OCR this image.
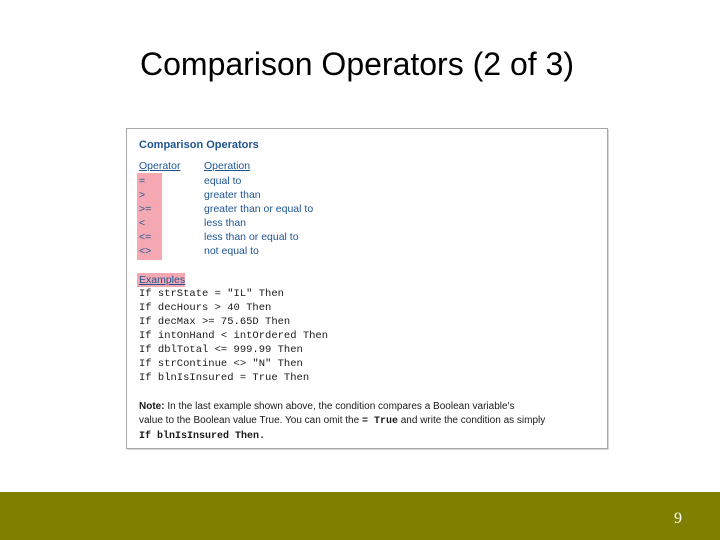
Comparison Operators (2 of 3)
Comparison Operators
Operator Operation
=	equal to
>	greater than
>=	greater than or equal to
<	less than
<=	less than or equal to
<>	not equal to
Examples
If strState = "IL" Then
If decHours > 40 Then
If decMax >= 75.65D Then
If intOnHand < intOrdered Then
If dblTotal <= 999.99 Then
If strContinue <> "N" Then
If blnIsInsured = True Then
Note: In the last example shown above, the condition compares a Boolean variable's
value to the Boolean value True. You can omit the = True and write the condition as simply
If blnIsInsured Then.
9
